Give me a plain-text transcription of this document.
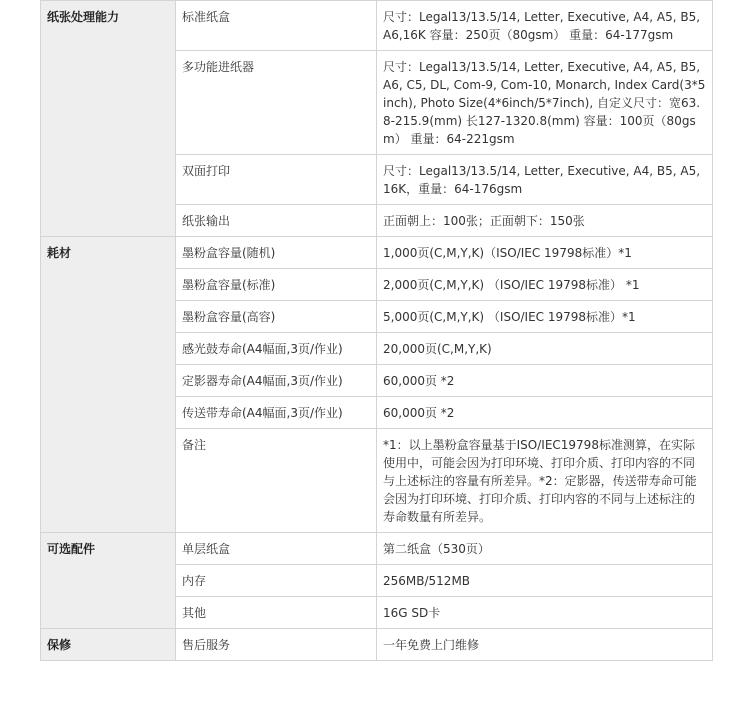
纸张处理能力	标准纸盒	尺寸：Legal13/13.5/14, Letter, Executive, A4, A5, B5, A6,16K 容量：250页（80gsm） 重量：64-177gsm
	多功能进纸器	尺寸：Legal13/13.5/14, Letter, Executive, A4, A5, B5, A6, C5, DL, Com-9, Com-10, Monarch, Index Card(3*5inch), Photo Size(4*6inch/5*7inch), 自定义尺寸：宽63.8-215.9(mm) 长127-1320.8(mm) 容量：100页（80gsm） 重量：64-221gsm
	双面打印	尺寸：Legal13/13.5/14, Letter, Executive, A4, B5, A5,16K，重量：64-176gsm
	纸张输出	正面朝上：100张；正面朝下：150张
耗材	墨粉盒容量(随机)	1,000页(C,M,Y,K)（ISO/IEC 19798标准）*1
	墨粉盒容量(标准)	2,000页(C,M,Y,K) （ISO/IEC 19798标准） *1
	墨粉盒容量(高容)	5,000页(C,M,Y,K) （ISO/IEC 19798标准）*1
	感光鼓寿命(A4幅面,3页/作业)	20,000页(C,M,Y,K)
	定影器寿命(A4幅面,3页/作业)	60,000页 *2
	传送带寿命(A4幅面,3页/作业)	60,000页 *2
	备注	*1：以上墨粉盒容量基于ISO/IEC19798标准测算，在实际使用中，可能会因为打印环境、打印介质、打印内容的不同与上述标注的容量有所差异。*2：定影器，传送带寿命可能会因为打印环境、打印介质、打印内容的不同与上述标注的寿命数量有所差异。
可选配件	单层纸盒	第二纸盒（530页）
	内存	256MB/512MB
	其他	16G SD卡
保修	售后服务	一年免费上门维修
